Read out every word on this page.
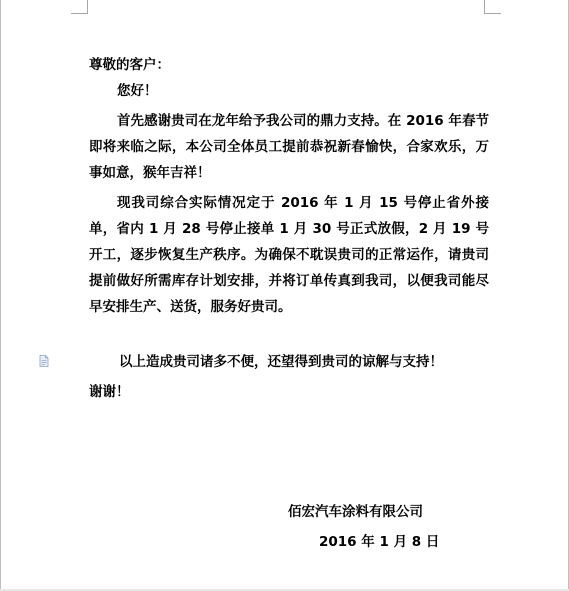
尊敬的客户：

您好！

首先感谢贵司在龙年给予我公司的鼎力支持。在 2016 年春节即将来临之际，本公司全体员工提前恭祝新春愉快，合家欢乐，万事如意，猴年吉祥！

现我司综合实际情况定于 2016 年 1 月 15 号停止省外接单，省内 1 月 28 号停止接单 1 月 30 号正式放假，2 月 19 号开工，逐步恢复生产秩序。为确保不耽误贵司的正常运作，请贵司提前做好所需库存计划安排，并将订单传真到我司，以便我司能尽早安排生产、送货，服务好贵司。

以上造成贵司诸多不便，还望得到贵司的谅解与支持！
谢谢！
佰宏汽车涂料有限公司
2016 年 1 月 8 日
